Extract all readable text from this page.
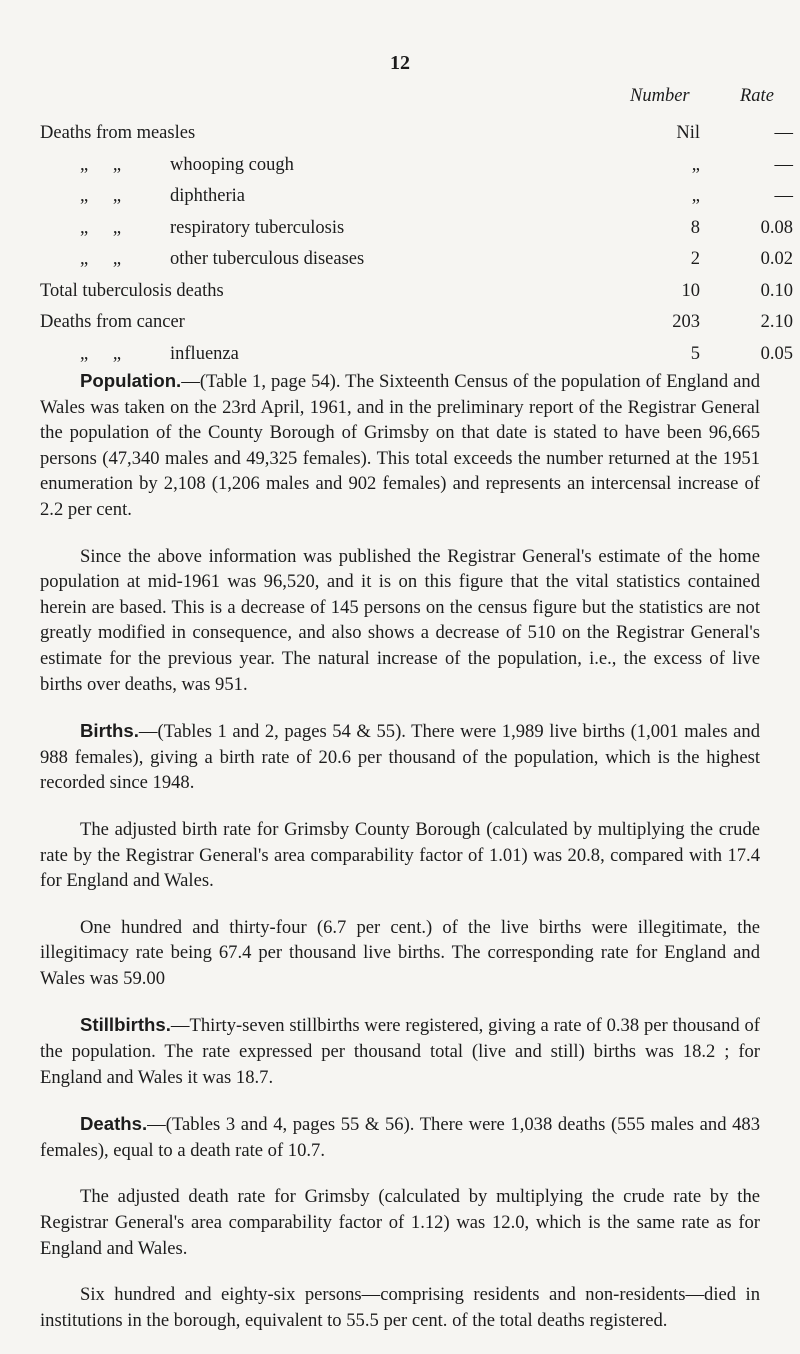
12
Number	Rate
Deaths from measles	Nil	—
„ „	whooping cough	„	—
„ „	diphtheria	„	—
„ „	respiratory tuberculosis	8	0.08
„ „	other tuberculous diseases	2	0.02
Total tuberculosis deaths	10	0.10
Deaths from cancer	203	2.10
„ „	influenza	5	0.05

Population.—(Table 1, page 54). The Sixteenth Census of the population of England and Wales was taken on the 23rd April, 1961, and in the preliminary report of the Registrar General the population of the County Borough of Grimsby on that date is stated to have been 96,665 persons (47,340 males and 49,325 females). This total exceeds the number returned at the 1951 enumeration by 2,108 (1,206 males and 902 females) and represents an intercensal increase of 2.2 per cent.

Since the above information was published the Registrar General's estimate of the home population at mid-1961 was 96,520, and it is on this figure that the vital statistics contained herein are based. This is a decrease of 145 persons on the census figure but the statistics are not greatly modified in consequence, and also shows a decrease of 510 on the Registrar General's estimate for the previous year. The natural increase of the population, i.e., the excess of live births over deaths, was 951.

Births.—(Tables 1 and 2, pages 54 & 55). There were 1,989 live births (1,001 males and 988 females), giving a birth rate of 20.6 per thousand of the population, which is the highest recorded since 1948.

The adjusted birth rate for Grimsby County Borough (calculated by multiplying the crude rate by the Registrar General's area comparability factor of 1.01) was 20.8, compared with 17.4 for England and Wales.

One hundred and thirty-four (6.7 per cent.) of the live births were illegitimate, the illegitimacy rate being 67.4 per thousand live births. The corresponding rate for England and Wales was 59.00

Stillbirths.—Thirty-seven stillbirths were registered, giving a rate of 0.38 per thousand of the population. The rate expressed per thousand total (live and still) births was 18.2 ; for England and Wales it was 18.7.

Deaths.—(Tables 3 and 4, pages 55 & 56). There were 1,038 deaths (555 males and 483 females), equal to a death rate of 10.7.

The adjusted death rate for Grimsby (calculated by multiplying the crude rate by the Registrar General's area comparability factor of 1.12) was 12.0, which is the same rate as for England and Wales.

Six hundred and eighty-six persons—comprising residents and non-residents—died in institutions in the borough, equivalent to 55.5 per cent. of the total deaths registered.
